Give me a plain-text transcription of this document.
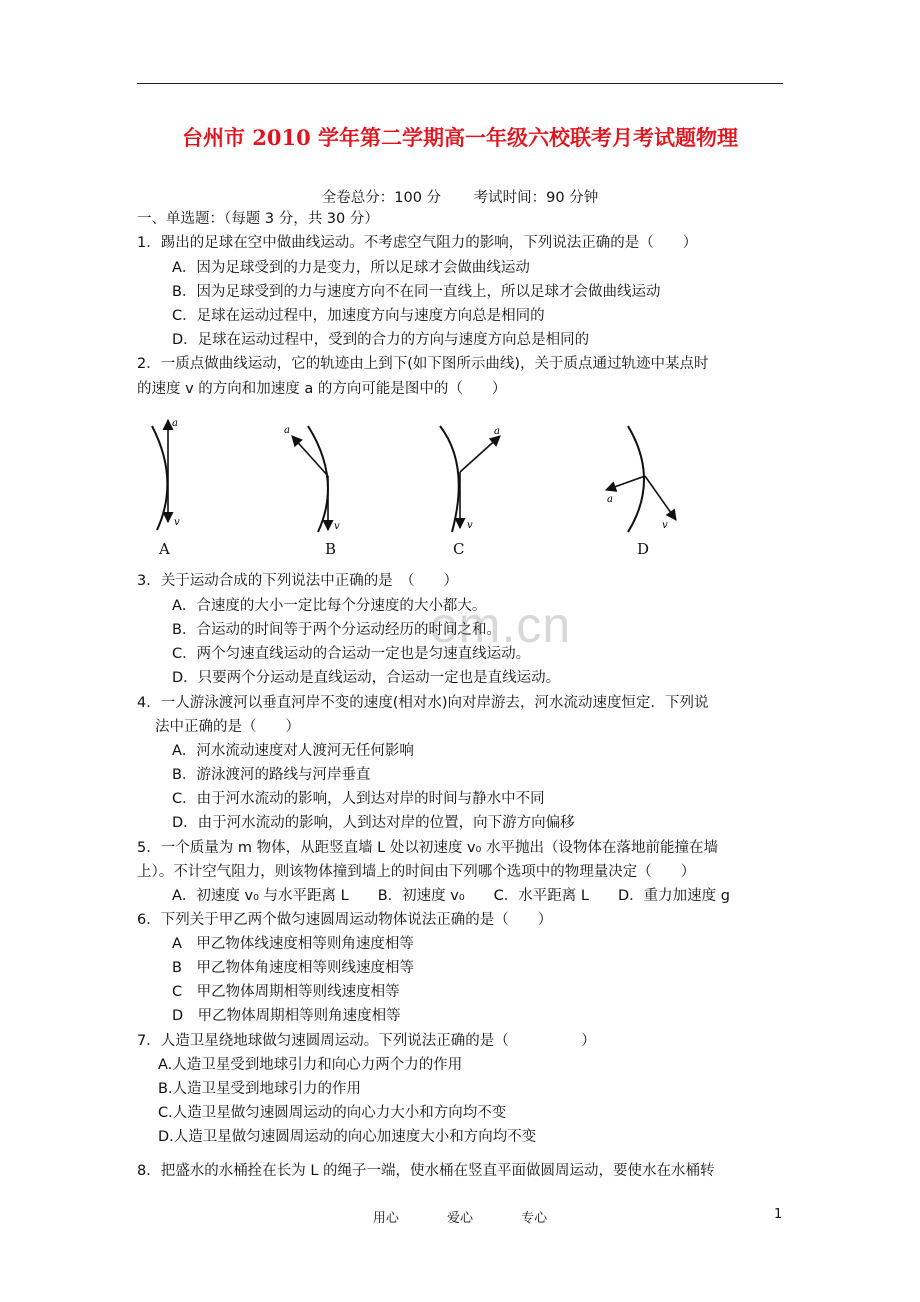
台州市 2010 学年第二学期高一年级六校联考月考试题物理
全卷总分：100 分 考试时间：90 分钟
一、单选题：（每题 3 分，共 30 分）
1．踢出的足球在空中做曲线运动。不考虑空气阻力的影响，下列说法正确的是（　　）
A．因为足球受到的力是变力，所以足球才会做曲线运动
B．因为足球受到的力与速度方向不在同一直线上，所以足球才会做曲线运动
C．足球在运动过程中，加速度方向与速度方向总是相同的
D．足球在运动过程中，受到的合力的方向与速度方向总是相同的
2．一质点做曲线运动，它的轨迹由上到下(如下图所示曲线)，关于质点通过轨迹中某点时
的速度 v 的方向和加速度 a 的方向可能是图中的（　　）
a
v
a
v
a
v
a
v
A	B	C	D
om.cn
3．关于运动合成的下列说法中正确的是　（　　）
A．合速度的大小一定比每个分速度的大小都大。
B．合运动的时间等于两个分运动经历的时间之和。
C．两个匀速直线运动的合运动一定也是匀速直线运动。
D．只要两个分运动是直线运动，合运动一定也是直线运动。
4．一人游泳渡河以垂直河岸不变的速度(相对水)向对岸游去，河水流动速度恒定．下列说
法中正确的是（　　）
A．河水流动速度对人渡河无任何影响
B．游泳渡河的路线与河岸垂直
C．由于河水流动的影响，人到达对岸的时间与静水中不同
D．由于河水流动的影响，人到达对岸的位置，向下游方向偏移
5．一个质量为 m 物体，从距竖直墙 L 处以初速度 v₀ 水平抛出（设物体在落地前能撞在墙
上）。不计空气阻力，则该物体撞到墙上的时间由下列哪个选项中的物理量决定（　　）
A．初速度 v₀ 与水平距离 L　　B．初速度 v₀　　C．水平距离 L　　D．重力加速度 g
6．下列关于甲乙两个做匀速圆周运动物体说法正确的是（　　）
A　甲乙物体线速度相等则角速度相等
B　甲乙物体角速度相等则线速度相等
C　甲乙物体周期相等则线速度相等
D　甲乙物体周期相等则角速度相等
7．人造卫星绕地球做匀速圆周运动。下列说法正确的是（　　　　　）
A.人造卫星受到地球引力和向心力两个力的作用
B.人造卫星受到地球引力的作用
C.人造卫星做匀速圆周运动的向心力大小和方向均不变
D.人造卫星做匀速圆周运动的向心加速度大小和方向均不变
8．把盛水的水桶拴在长为 L 的绳子一端，使水桶在竖直平面做圆周运动，要使水在水桶转
用心	爱心	专心	1
